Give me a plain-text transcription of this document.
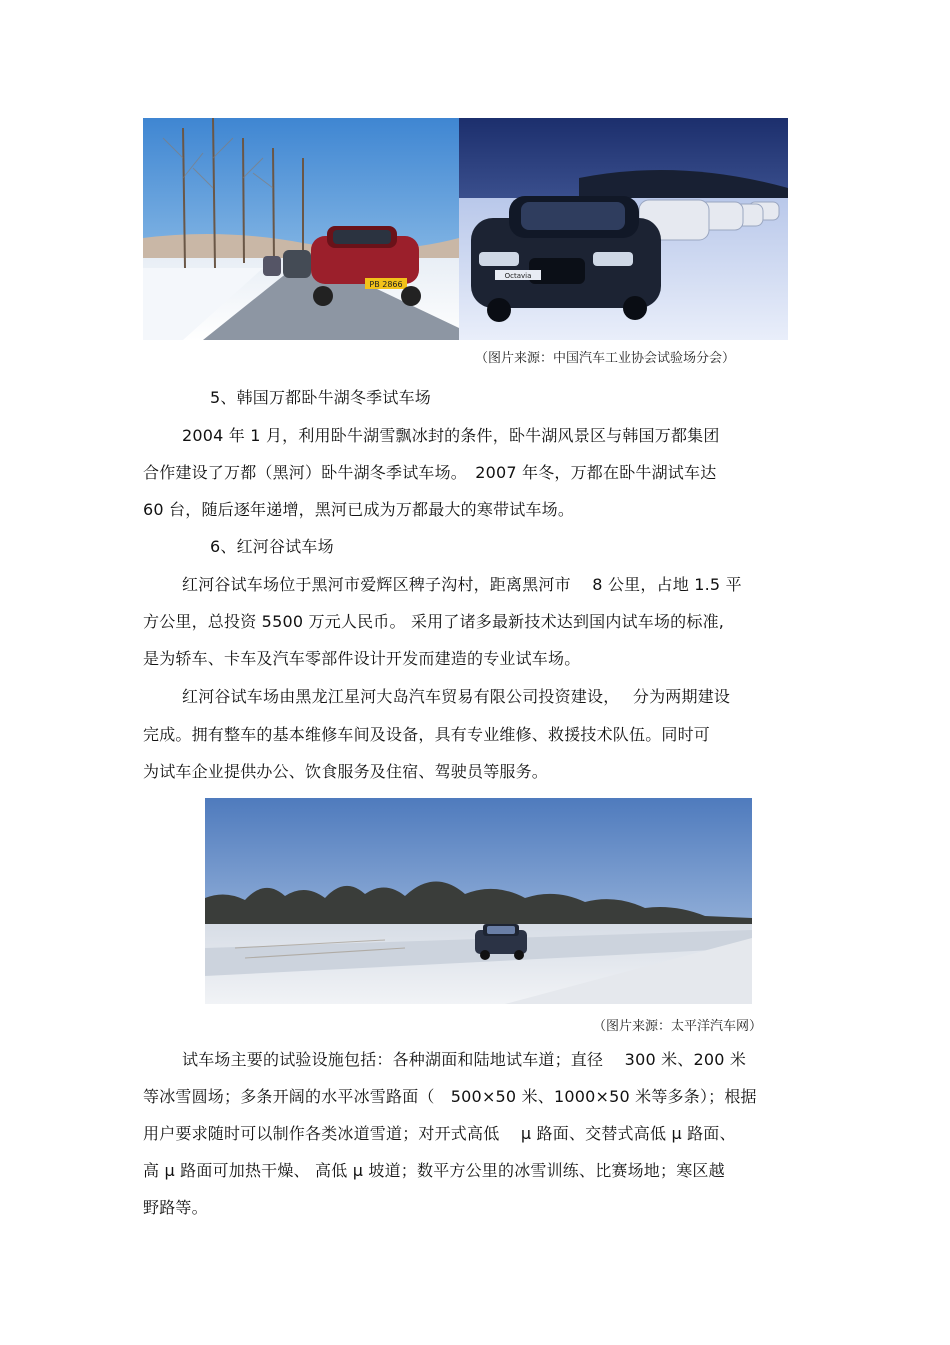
PB 2866
Octavia
（图片来源：中国汽车工业协会试验场分会）
5、韩国万都卧牛湖冬季试车场
2004 年 1 月，利用卧牛湖雪飘冰封的条件，卧牛湖风景区与韩国万都集团
合作建设了万都（黑河）卧牛湖冬季试车场。　2007 年冬，万都在卧牛湖试车达
60 台，随后逐年递增，黑河已成为万都最大的寒带试车场。
6、红河谷试车场
红河谷试车场位于黑河市爱辉区稗子沟村，距离黑河市　 8 公里，占地 1.5 平
方公里，总投资 5500 万元人民币。 采用了诸多最新技术达到国内试车场的标准,
是为轿车、卡车及汽车零部件设计开发而建造的专业试车场。
红河谷试车场由黑龙江星河大岛汽车贸易有限公司投资建设，　 分为两期建设
完成。拥有整车的基本维修车间及设备，具有专业维修、救援技术队伍。同时可
为试车企业提供办公、饮食服务及住宿、驾驶员等服务。
（图片来源：太平洋汽车网）
试车场主要的试验设施包括：各种湖面和陆地试车道；直径　 300 米、200 米
等冰雪圆场；多条开阔的水平冰雪路面（　500×50 米、1000×50 米等多条）；根据
用户要求随时可以制作各类冰道雪道；对开式高低　 μ 路面、交替式高低 μ 路面、
高 μ 路面可加热干燥、 高低 μ 坡道；数平方公里的冰雪训练、比赛场地；寒区越
野路等。
